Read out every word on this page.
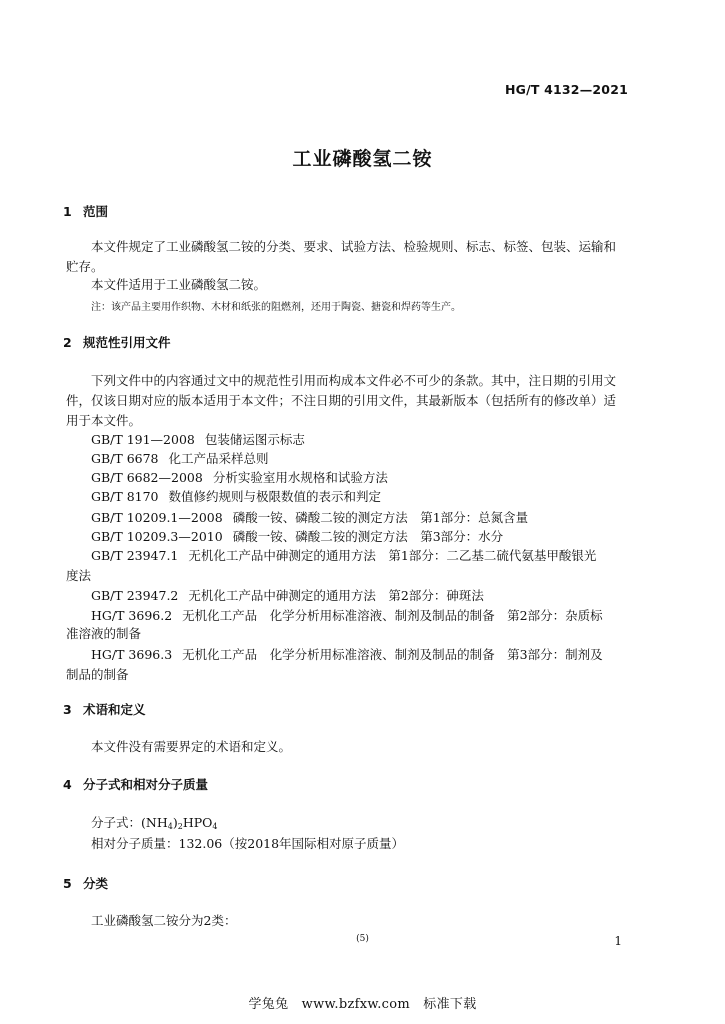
HG/T 4132—2021
工业磷酸氢二铵
1 范围
本文件规定了工业磷酸氢二铵的分类、要求、试验方法、检验规则、标志、标签、包装、运输和
贮存。
本文件适用于工业磷酸氢二铵。
注：该产品主要用作织物、木材和纸张的阻燃剂，还用于陶瓷、搪瓷和焊药等生产。
2 规范性引用文件
下列文件中的内容通过文中的规范性引用而构成本文件必不可少的条款。其中，注日期的引用文
件，仅该日期对应的版本适用于本文件；不注日期的引用文件，其最新版本（包括所有的修改单）适
用于本文件。
GB/T 191—2008 包装储运图示标志
GB/T 6678 化工产品采样总则
GB/T 6682—2008 分析实验室用水规格和试验方法
GB/T 8170 数值修约规则与极限数值的表示和判定
GB/T 10209.1—2008 磷酸一铵、磷酸二铵的测定方法　第1部分：总氮含量
GB/T 10209.3—2010 磷酸一铵、磷酸二铵的测定方法　第3部分：水分
GB/T 23947.1 无机化工产品中砷测定的通用方法　第1部分：二乙基二硫代氨基甲酸银光
度法
GB/T 23947.2 无机化工产品中砷测定的通用方法　第2部分：砷斑法
HG/T 3696.2 无机化工产品　化学分析用标准溶液、制剂及制品的制备　第2部分：杂质标
准溶液的制备
HG/T 3696.3 无机化工产品　化学分析用标准溶液、制剂及制品的制备　第3部分：制剂及
制品的制备
3 术语和定义
本文件没有需要界定的术语和定义。
4 分子式和相对分子质量
分子式：$(NH_4)_2HPO_4$
相对分子质量：132.06（按2018年国际相对原子质量）
5 分类
工业磷酸氢二铵分为2类：
(5)	1
学兔兔　www.bzfxw.com　标准下载
